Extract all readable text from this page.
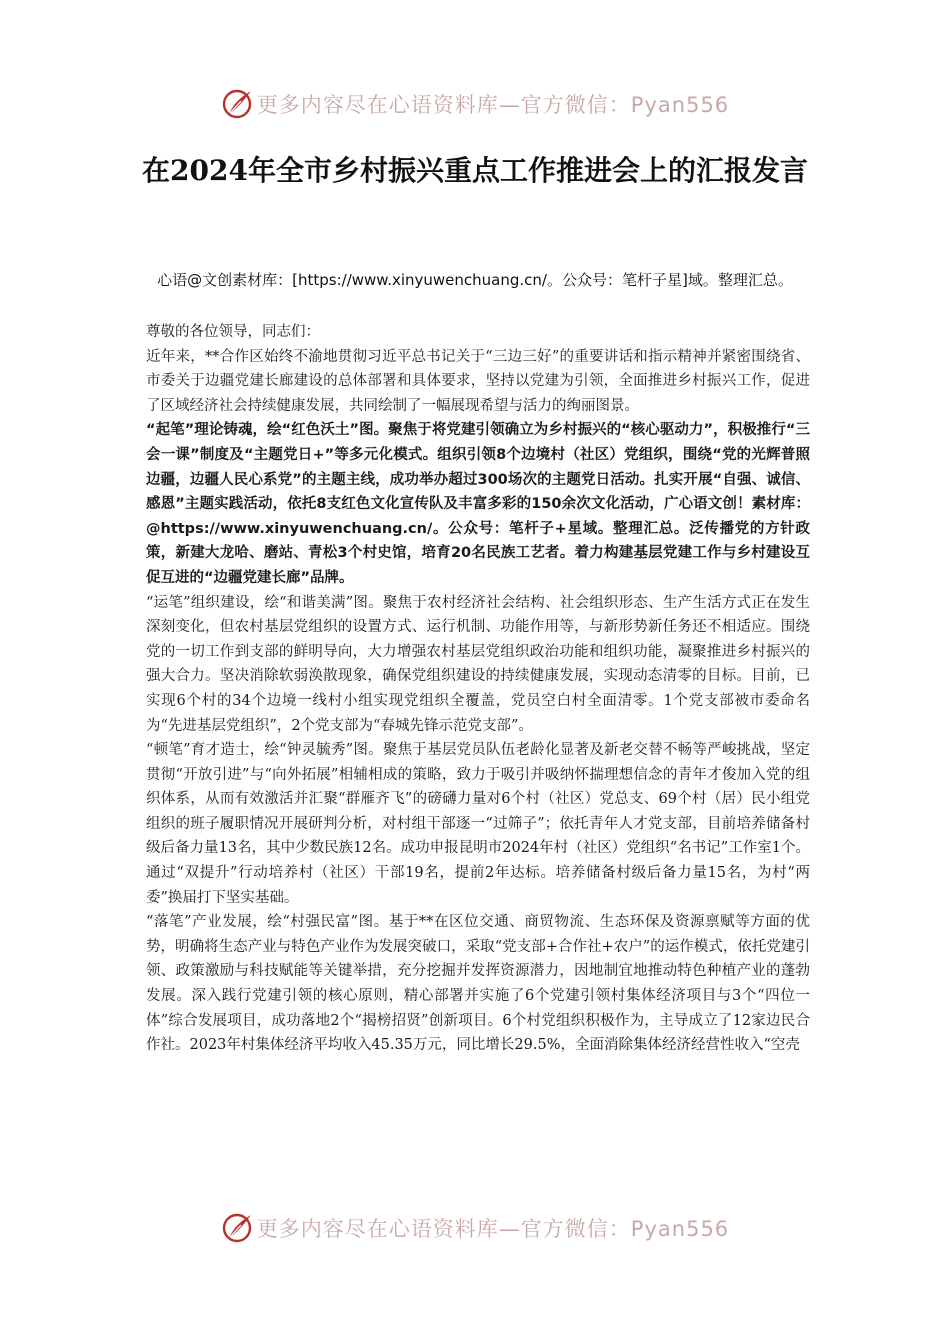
更多内容尽在心语资料库—官方微信：Pyan556
在2024年全市乡村振兴重点工作推进会上的汇报发言
心语@文创素材库：[https://www.xinyuwenchuang.cn/。公众号：笔杆子星]域。整理汇总。

尊敬的各位领导，同志们：

近年来，**合作区始终不渝地贯彻习近平总书记关于“三边三好”的重要讲话和指示精神并紧密围绕省、市委关于边疆党建长廊建设的总体部署和具体要求，坚持以党建为引领，全面推进乡村振兴工作，促进了区域经济社会持续健康发展，共同绘制了一幅展现希望与活力的绚丽图景。

“起笔”理论铸魂，绘“红色沃土”图。聚焦于将党建引领确立为乡村振兴的“核心驱动力”，积极推行“三会一课”制度及“主题党日+”等多元化模式。组织引领8个边境村（社区）党组织，围绕“党的光辉普照边疆，边疆人民心系党”的主题主线，成功举办超过300场次的主题党日活动。扎实开展“自强、诚信、感恩”主题实践活动，依托8支红色文化宣传队及丰富多彩的150余次文化活动，广心语文创！素材库：@https://www.xinyuwenchuang.cn/。公众号：笔杆子+星域。整理汇总。泛传播党的方针政策，新建大龙哈、磨站、青松3个村史馆，培育20名民族工艺者。着力构建基层党建工作与乡村建设互促互进的“边疆党建长廊”品牌。

“运笔”组织建设，绘“和谐美满”图。聚焦于农村经济社会结构、社会组织形态、生产生活方式正在发生深刻变化，但农村基层党组织的设置方式、运行机制、功能作用等，与新形势新任务还不相适应。围绕党的一切工作到支部的鲜明导向，大力增强农村基层党组织政治功能和组织功能，凝聚推进乡村振兴的强大合力。坚决消除软弱涣散现象，确保党组织建设的持续健康发展，实现动态清零的目标。目前，已实现6个村的34个边境一线村小组实现党组织全覆盖，党员空白村全面清零。1个党支部被市委命名为“先进基层党组织”，2个党支部为“春城先锋示范党支部”。

“顿笔”育才造士，绘“钟灵毓秀”图。聚焦于基层党员队伍老龄化显著及新老交替不畅等严峻挑战，坚定贯彻“开放引进”与“向外拓展”相辅相成的策略，致力于吸引并吸纳怀揣理想信念的青年才俊加入党的组织体系，从而有效激活并汇聚“群雁齐飞”的磅礴力量对6个村（社区）党总支、69个村（居）民小组党组织的班子履职情况开展研判分析，对村组干部逐一“过筛子”；依托青年人才党支部，目前培养储备村级后备力量13名，其中少数民族12名。成功申报昆明市2024年村（社区）党组织“名书记”工作室1个。通过“双提升”行动培养村（社区）干部19名，提前2年达标。培养储备村级后备力量15名，为村“两委”换届打下坚实基础。

“落笔”产业发展，绘“村强民富”图。基于**在区位交通、商贸物流、生态环保及资源禀赋等方面的优势，明确将生态产业与特色产业作为发展突破口，采取“党支部+合作社+农户”的运作模式，依托党建引领、政策激励与科技赋能等关键举措，充分挖掘并发挥资源潜力，因地制宜地推动特色种植产业的蓬勃发展。深入践行党建引领的核心原则，精心部署并实施了6个党建引领村集体经济项目与3个“四位一体”综合发展项目，成功落地2个“揭榜招贤”创新项目。6个村党组织积极作为，主导成立了12家边民合作社。2023年村集体经济平均收入45.35万元，同比增长29.5%，全面消除集体经济经营性收入“空壳

更多内容尽在心语资料库—官方微信：Pyan556
